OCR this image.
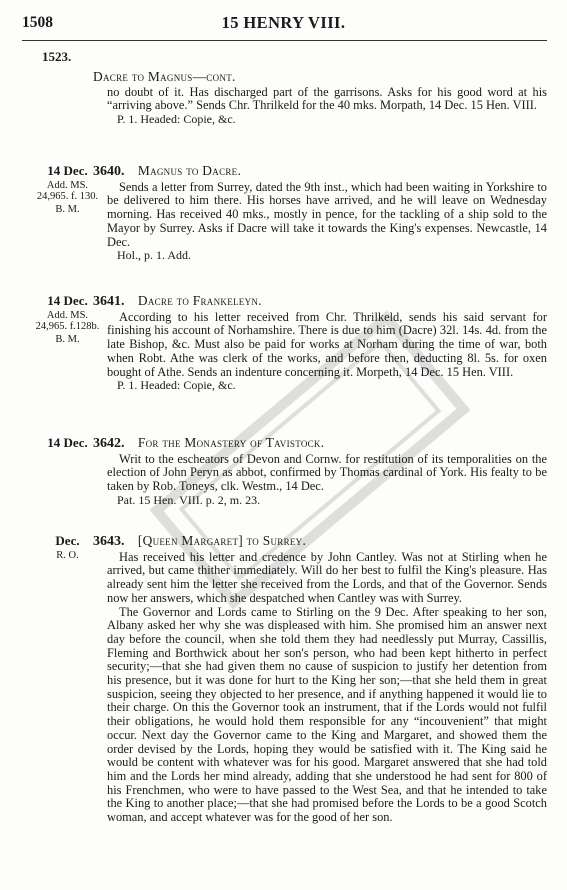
1508	15 HENRY VIII.
1523.
Dacre to Magnus—cont.

no doubt of it. Has discharged part of the garrisons. Asks for his good word at his “arriving above.” Sends Chr. Thrilkeld for the 40 mks. Morpath, 14 Dec. 15 Hen. VIII.

P. 1. Headed: Copie, &c.

14 Dec.
Add. MS. 24,965. f. 130.
B. M.
3640. Magnus to Dacre.

Sends a letter from Surrey, dated the 9th inst., which had been waiting in Yorkshire to be delivered to him there. His horses have arrived, and he will leave on Wednesday morning. Has received 40 mks., mostly in pence, for the tackling of a ship sold to the Mayor by Surrey. Asks if Dacre will take it towards the King's expenses. Newcastle, 14 Dec.

Hol., p. 1. Add.

14 Dec.
Add. MS. 24,965. f.128b.
B. M.
3641. Dacre to Frankeleyn.

According to his letter received from Chr. Thrilkeld, sends his said servant for finishing his account of Norhamshire. There is due to him (Dacre) 32l. 14s. 4d. from the late Bishop, &c. Must also be paid for works at Norham during the time of war, both when Robt. Athe was clerk of the works, and before then, deducting 8l. 5s. for oxen bought of Athe. Sends an indenture concerning it. Morpeth, 14 Dec. 15 Hen. VIII.

P. 1. Headed: Copie, &c.

14 Dec. 3642. For the Monastery of Tavistock.

Writ to the escheators of Devon and Cornw. for restitution of its temporalities on the election of John Peryn as abbot, confirmed by Thomas cardinal of York. His fealty to be taken by Rob. Toneys, clk. Westm., 14 Dec.

Pat. 15 Hen. VIII. p. 2, m. 23.

Dec.
R. O.
3643. [Queen Margaret] to Surrey.

Has received his letter and credence by John Cantley. Was not at Stirling when he arrived, but came thither immediately. Will do her best to fulfil the King's pleasure. Has already sent him the letter she received from the Lords, and that of the Governor. Sends now her answers, which she despatched when Cantley was with Surrey.

The Governor and Lords came to Stirling on the 9 Dec. After speaking to her son, Albany asked her why she was displeased with him. She promised him an answer next day before the council, when she told them they had needlessly put Murray, Cassillis, Fleming and Borthwick about her son's person, who had been kept hitherto in perfect security;—that she had given them no cause of suspicion to justify her detention from his presence, but it was done for hurt to the King her son;—that she held them in great suspicion, seeing they objected to her presence, and if anything happened it would lie to their charge. On this the Governor took an instrument, that if the Lords would not fulfil their obligations, he would hold them responsible for any “incouvenient” that might occur. Next day the Governor came to the King and Margaret, and showed them the order devised by the Lords, hoping they would be satisfied with it. The King said he would be content with whatever was for his good. Margaret answered that she had told him and the Lords her mind already, adding that she understood he had sent for 800 of his Frenchmen, who were to have passed to the West Sea, and that he intended to take the King to another place;—that she had promised before the Lords to be a good Scotch woman, and accept whatever was for the good of her son.
